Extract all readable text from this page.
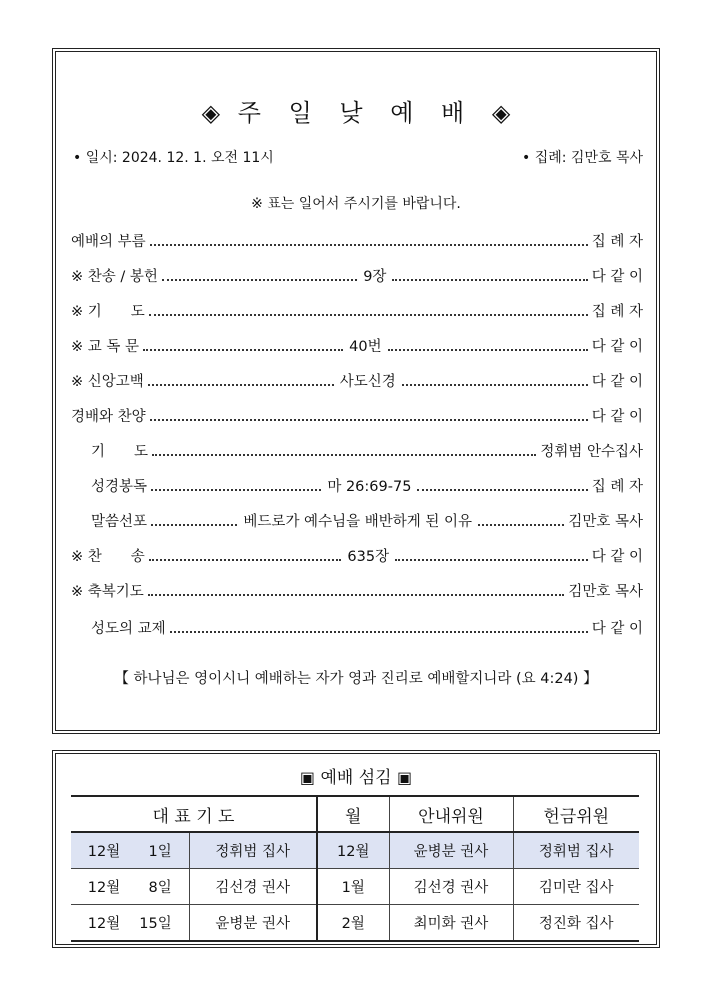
◈ 주 일 낮 예 배 ◈
• 일시: 2024. 12. 1. 오전 11시	• 집례: 김만호 목사
※ 표는 일어서 주시기를 바랍니다.
예배의 부름	집 례 자
※ 찬송 / 봉헌	9장	다 같 이
※ 기　　도	집 례 자
※ 교 독 문	40번	다 같 이
※ 신앙고백	사도신경	다 같 이
경배와 찬양	다 같 이
기　　도	정휘범 안수집사
성경봉독	마 26:69-75	집 례 자
말씀선포	베드로가 예수님을 배반하게 된 이유	김만호 목사
※ 찬　　송	635장	다 같 이
※ 축복기도	김만호 목사
성도의 교제	다 같 이
【 하나님은 영이시니 예배하는 자가 영과 진리로 예배할지니라 (요 4:24) 】
▣ 예배 섬김 ▣
대 표 기 도		월	안내위원	헌금위원
12월 1일	정휘범 집사	12월	윤병분 권사	정휘범 집사
12월 8일	김선경 권사	1월	김선경 권사	김미란 집사
12월 15일	윤병분 권사	2월	최미화 권사	정진화 집사
